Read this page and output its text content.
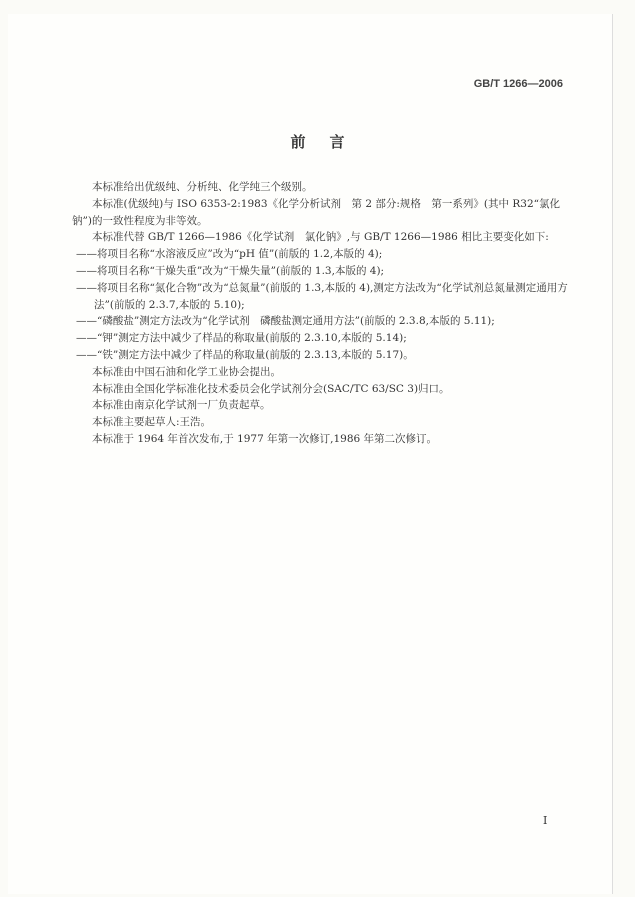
GB/T 1266—2006
前言

本标准给出优级纯、分析纯、化学纯三个级别。

本标准(优级纯)与 ISO 6353-2:1983《化学分析试剂　第 2 部分:规格　第一系列》(其中 R32“氯化钠”)的一致性程度为非等效。

本标准代替 GB/T 1266—1986《化学试剂　氯化钠》,与 GB/T 1266—1986 相比主要变化如下:

——将项目名称“水溶液反应”改为“pH 值”(前版的 1.2,本版的 4);

——将项目名称“干燥失重”改为“干燥失量”(前版的 1.3,本版的 4);

——将项目名称“氮化合物”改为“总氮量”(前版的 1.3,本版的 4),测定方法改为“化学试剂总氮量测定通用方法”(前版的 2.3.7,本版的 5.10);

——“磷酸盐”测定方法改为“化学试剂　磷酸盐测定通用方法”(前版的 2.3.8,本版的 5.11);

——“钾”测定方法中减少了样品的称取量(前版的 2.3.10,本版的 5.14);

——“铁”测定方法中减少了样品的称取量(前版的 2.3.13,本版的 5.17)。

本标准由中国石油和化学工业协会提出。

本标准由全国化学标准化技术委员会化学试剂分会(SAC/TC 63/SC 3)归口。

本标准由南京化学试剂一厂负责起草。

本标准主要起草人:王浩。

本标准于 1964 年首次发布,于 1977 年第一次修订,1986 年第二次修订。

I
